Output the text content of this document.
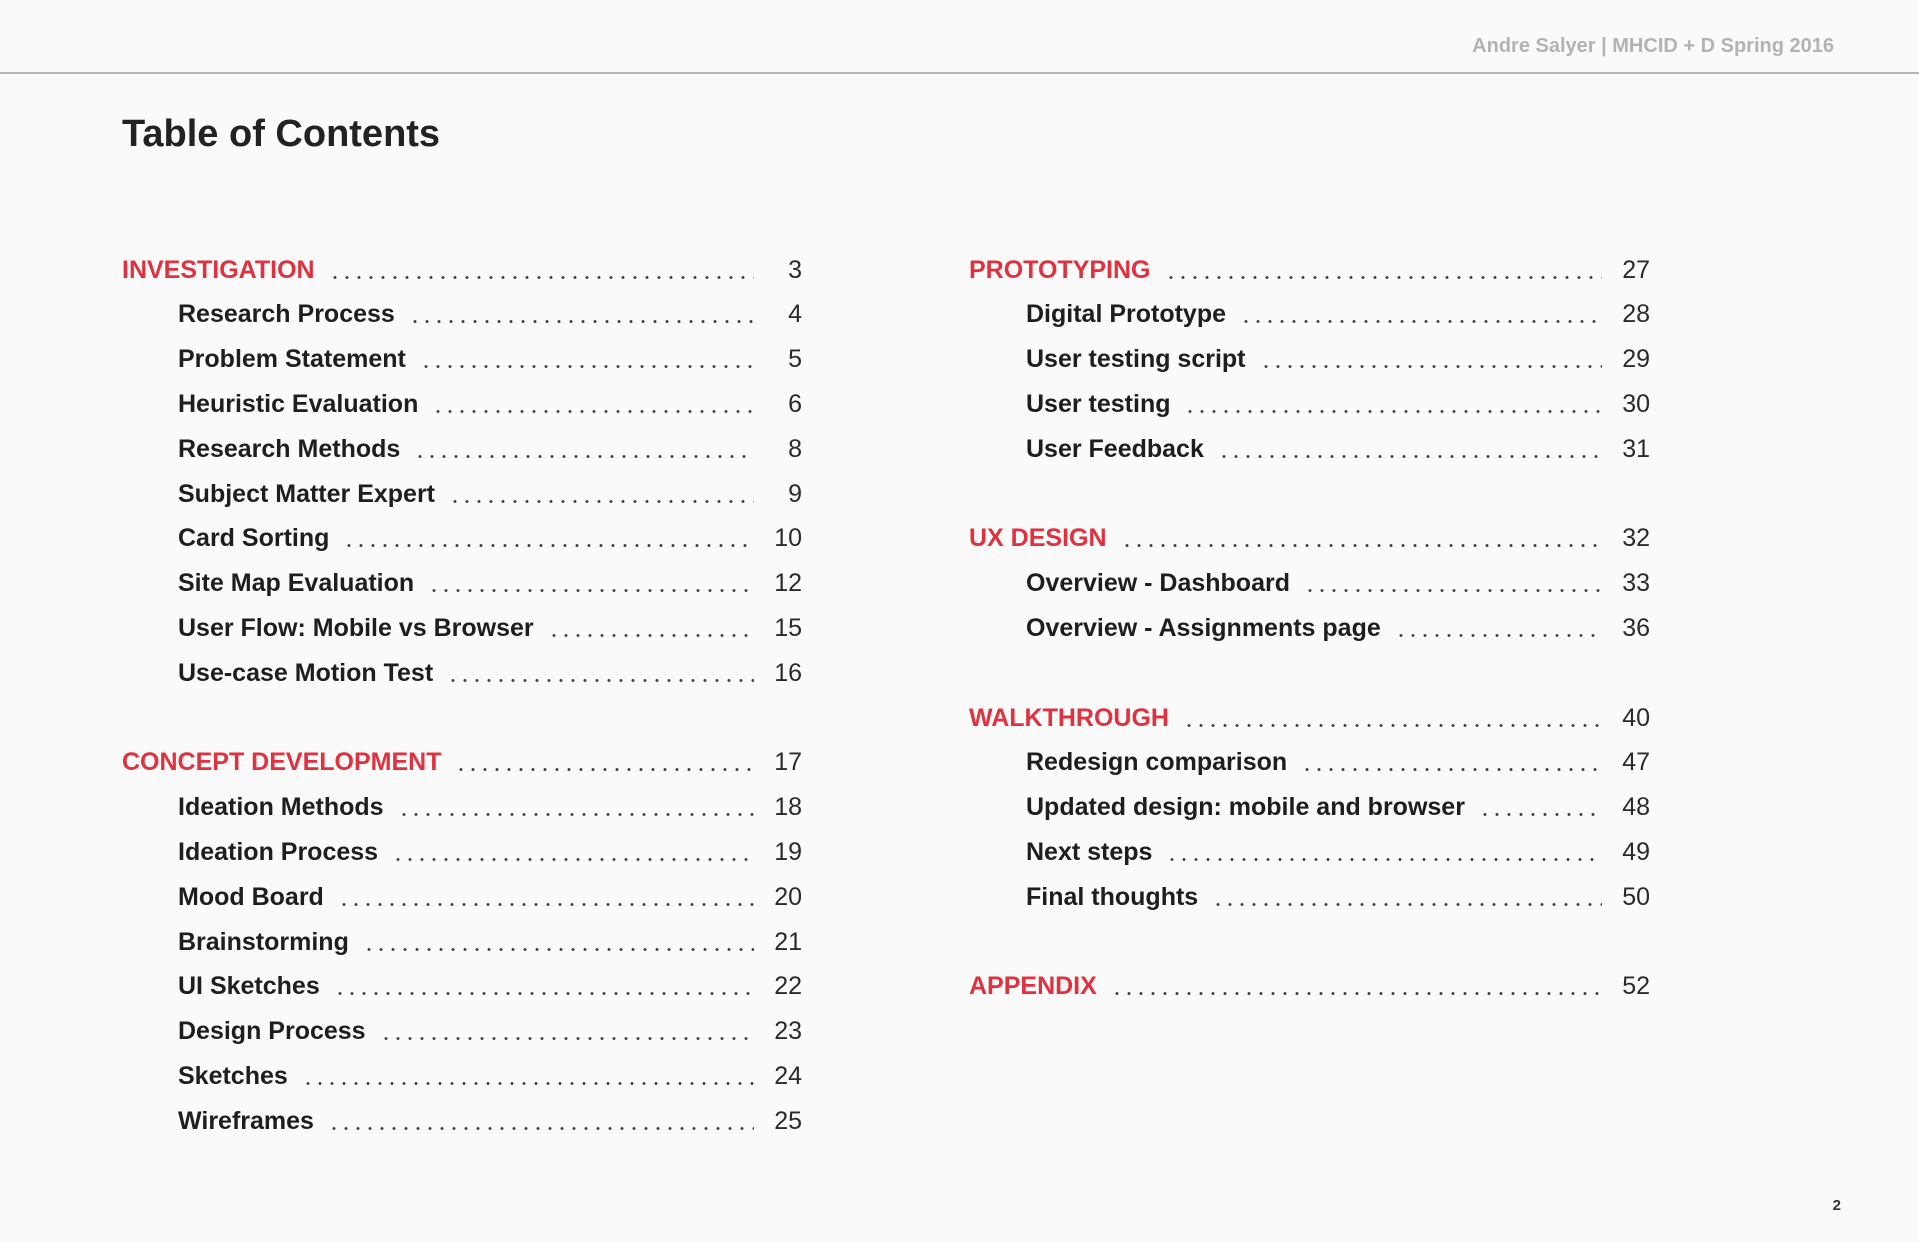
Andre Salyer | MHCID + D Spring 2016
Table of Contents
INVESTIGATION	3
Research Process	4
Problem Statement	5
Heuristic Evaluation	6
Research Methods	8
Subject Matter Expert	9
Card Sorting	10
Site Map Evaluation	12
User Flow: Mobile vs Browser	15
Use-case Motion Test	16
CONCEPT DEVELOPMENT	17
Ideation Methods	18
Ideation Process	19
Mood Board	20
Brainstorming	21
UI Sketches	22
Design Process	23
Sketches	24
Wireframes	25
PROTOTYPING	27
Digital Prototype	28
User testing script	29
User testing	30
User Feedback	31
UX DESIGN	32
Overview - Dashboard	33
Overview - Assignments page	36
WALKTHROUGH	40
Redesign comparison	47
Updated design: mobile and browser	48
Next steps	49
Final thoughts	50
APPENDIX	52
2
